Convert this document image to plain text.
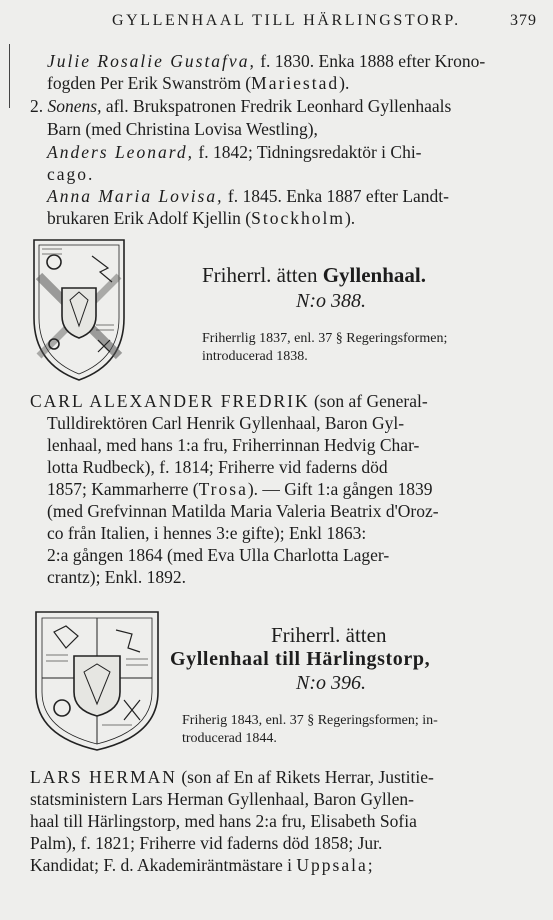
GYLLENHAAL TILL HÄRLINGSTORP.	379
Julie Rosalie Gustafva, f. 1830. Enka 1888 efter Krono-
fogden Per Erik Swanström (Mariestad).
2. Sonens, afl. Brukspatronen Fredrik Leonhard Gyllenhaals
Barn (med Christina Lovisa Westling),
Anders Leonard, f. 1842; Tidningsredaktör i Chi-
cago.
Anna Maria Lovisa, f. 1845. Enka 1887 efter Landt-
brukaren Erik Adolf Kjellin (Stockholm).
Friherrl. ätten Gyllenhaal.
N:o 388.
Friherrlig 1837, enl. 37 § Regeringsformen;
introducerad 1838.
CARL ALEXANDER FREDRIK (son af General-
Tulldirektören Carl Henrik Gyllenhaal, Baron Gyl-
lenhaal, med hans 1:a fru, Friherrinnan Hedvig Char-
lotta Rudbeck), f. 1814; Friherre vid faderns död
1857; Kammarherre (Trosa). — Gift 1:a gången 1839
(med Grefvinnan Matilda Maria Valeria Beatrix d'Oroz-
co från Italien, i hennes 3:e gifte); Enkl 1863:
2:a gången 1864 (med Eva Ulla Charlotta Lager-
crantz); Enkl. 1892.
Friherrl. ätten
Gyllenhaal till Härlingstorp,
N:o 396.
Friherig 1843, enl. 37 § Regeringsformen; in-
troducerad 1844.
LARS HERMAN (son af En af Rikets Herrar, Justitie-
statsministern Lars Herman Gyllenhaal, Baron Gyllen-
haal till Härlingstorp, med hans 2:a fru, Elisabeth Sofia
Palm), f. 1821; Friherre vid faderns död 1858; Jur.
Kandidat; F. d. Akademiräntmästare i Uppsala;
